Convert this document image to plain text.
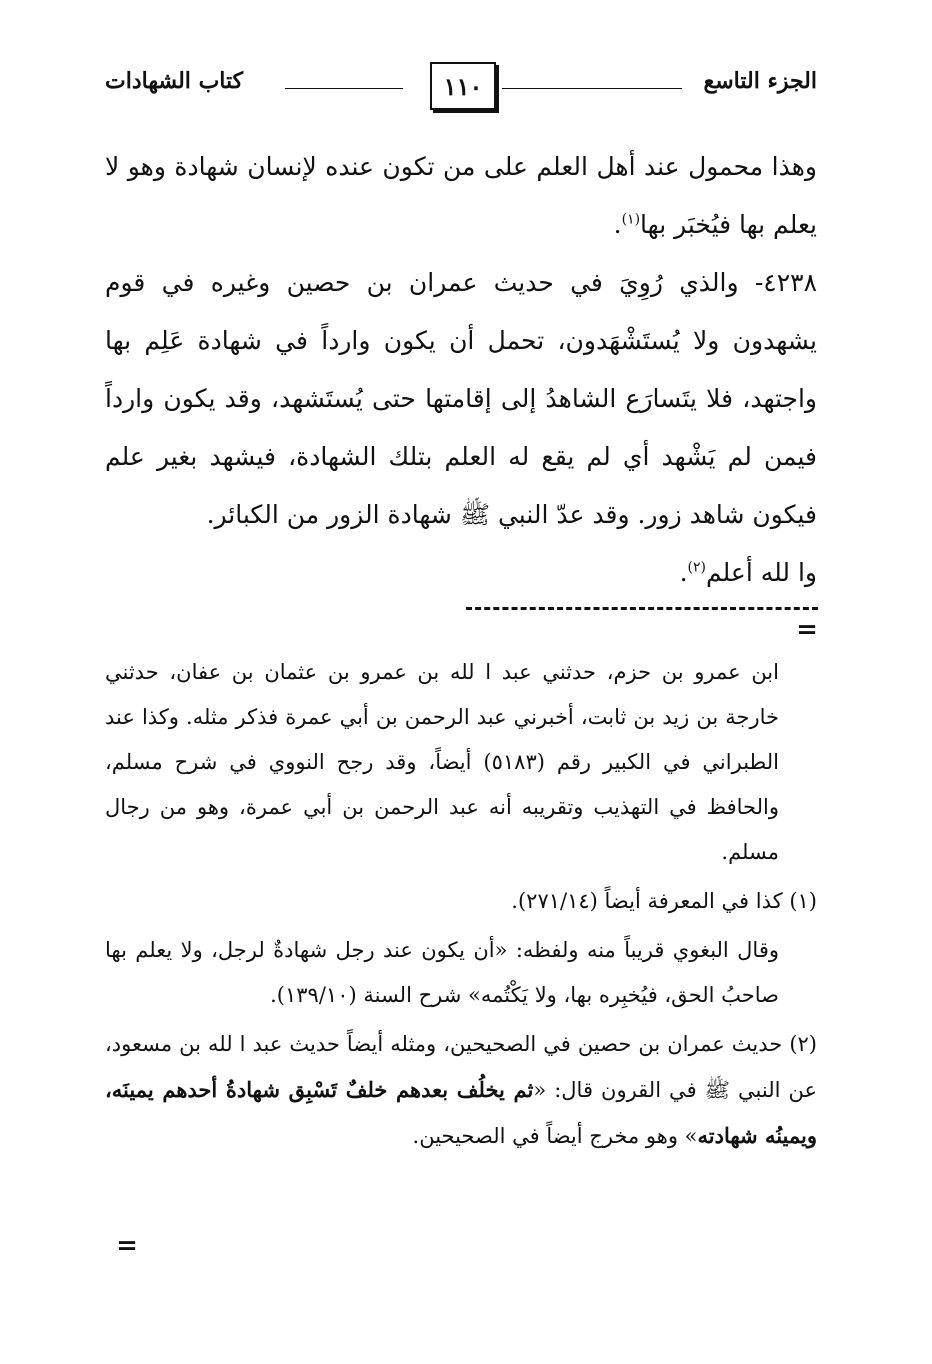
الجزء التاسع
١١٠
كتاب الشهادات

وهذا محمول عند أهل العلم على من تكون عنده لإنسان شهادة وهو لا يعلم بها فيُخبَر بها$^{(١)}$.

٤٢٣٨- والذي رُوِيَ في حديث عمران بن حصين وغيره في قوم يشهدون ولا يُستَشْهَدون، تحمل أن يكون وارداً في شهادة عَلِم بها واجتهد، فلا يتَسارَع الشاهدُ إلى إقامتها حتى يُستَشهد، وقد يكون وارداً فيمن لم يَشْهد أي لم يقع له العلم بتلك الشهادة، فيشهد بغير علم فيكون شاهد زور. وقد عدّ النبي ﷺ شهادة الزور من الكبائر.

وا لله أعلم$^{(٢)}$.

=

ابن عمرو بن حزم، حدثني عبد ا لله بن عمرو بن عثمان بن عفان، حدثني خارجة بن زيد بن ثابت، أخبرني عبد الرحمن بن أبي عمرة فذكر مثله. وكذا عند الطبراني في الكبير رقم (٥١٨٣) أيضاً، وقد رجح النووي في شرح مسلم، والحافظ في التهذيب وتقريبه أنه عبد الرحمن بن أبي عمرة، وهو من رجال مسلم.

(١) كذا في المعرفة أيضاً (٢٧١/١٤).

وقال البغوي قريباً منه ولفظه: «أن يكون عند رجل شهادةٌ لرجل، ولا يعلم بها صاحبُ الحق، فيُخبِره بها، ولا يَكْتُمه» شرح السنة (١٣٩/١٠).

(٢) حديث عمران بن حصين في الصحيحين، ومثله أيضاً حديث عبد ا لله بن مسعود، عن النبي ﷺ في القرون قال: «ثم يخلُف بعدهم خلفٌ تَسْبِق شهادةُ أحدهم يمينَه، ويمينُه شهادته» وهو مخرج أيضاً في الصحيحين.

=
